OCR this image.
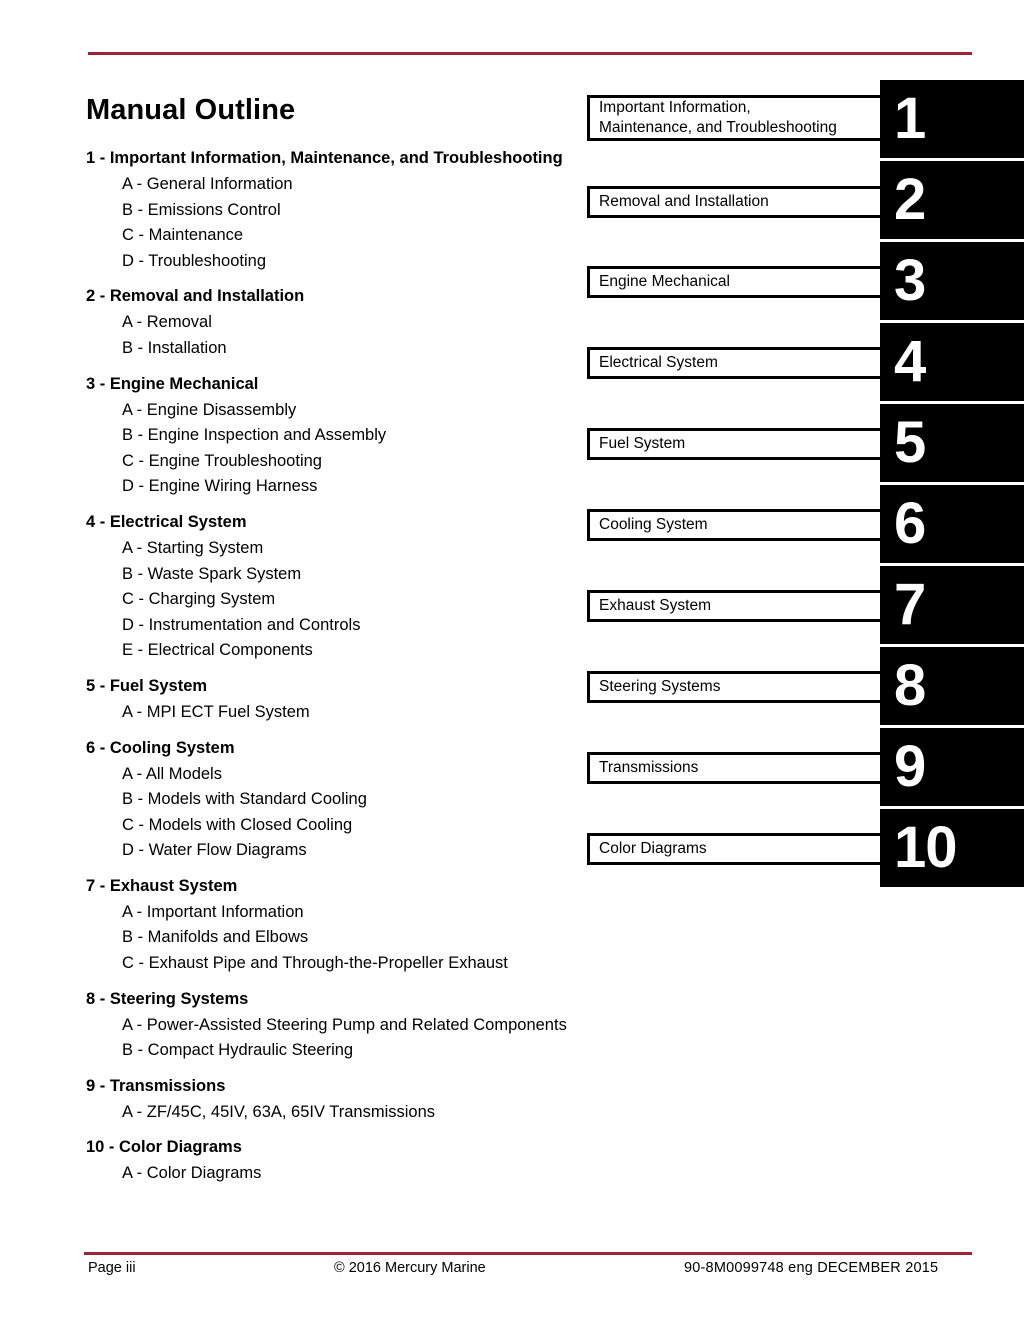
Manual Outline
1 - Important Information, Maintenance, and Troubleshooting
A - General Information
B - Emissions Control
C - Maintenance
D - Troubleshooting
2 - Removal and Installation
A - Removal
B - Installation
3 - Engine Mechanical
A - Engine Disassembly
B - Engine Inspection and Assembly
C - Engine Troubleshooting
D - Engine Wiring Harness
4 - Electrical System
A - Starting System
B - Waste Spark System
C - Charging System
D - Instrumentation and Controls
E - Electrical Components
5 - Fuel System
A - MPI ECT Fuel System
6 - Cooling System
A - All Models
B - Models with Standard Cooling
C - Models with Closed Cooling
D - Water Flow Diagrams
7 - Exhaust System
A - Important Information
B - Manifolds and Elbows
C - Exhaust Pipe and Through-the-Propeller Exhaust
8 - Steering Systems
A - Power-Assisted Steering Pump and Related Components
B - Compact Hydraulic Steering
9 - Transmissions
A - ZF/45C, 45IV, 63A, 65IV Transmissions
10 - Color Diagrams
A - Color Diagrams
1
Important Information,
Maintenance, and Troubleshooting
2
Removal and Installation
3
Engine Mechanical
4
Electrical System
5
Fuel System
6
Cooling System
7
Exhaust System
8
Steering Systems
9
Transmissions
10
Color Diagrams
Page iii	© 2016 Mercury Marine	90-8M0099748 eng DECEMBER 2015
